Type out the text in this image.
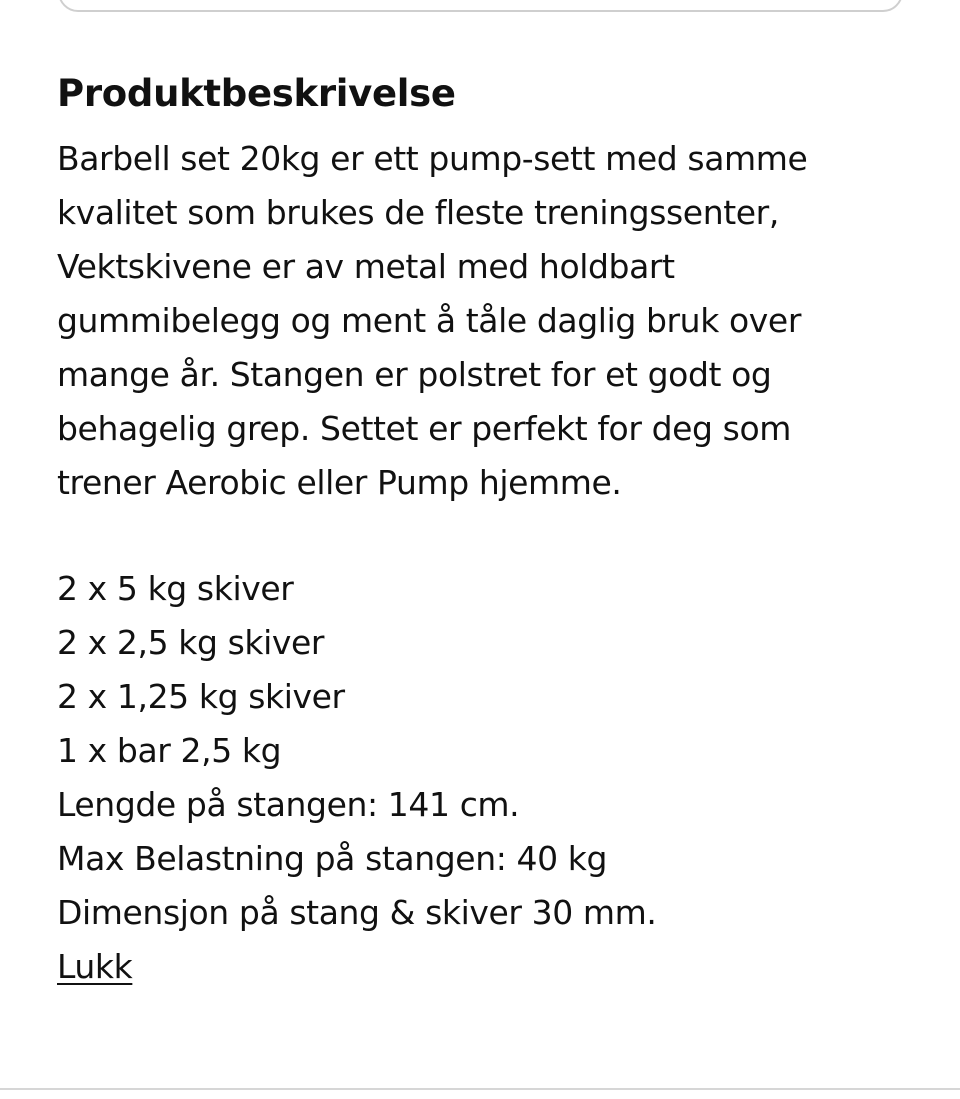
Produktbeskrivelse

Barbell set 20kg er ett pump-sett med samme
kvalitet som brukes de fleste treningssenter,
Vektskivene er av metal med holdbart
gummibelegg og ment å tåle daglig bruk over
mange år. Stangen er polstret for et godt og
behagelig grep. Settet er perfekt for deg som
trener Aerobic eller Pump hjemme.

2 x 5 kg skiver
2 x 2,5 kg skiver
2 x 1,25 kg skiver
1 x bar 2,5 kg
Lengde på stangen: 141 cm.
Max Belastning på stangen: 40 kg
Dimensjon på stang & skiver 30 mm.
Lukk
